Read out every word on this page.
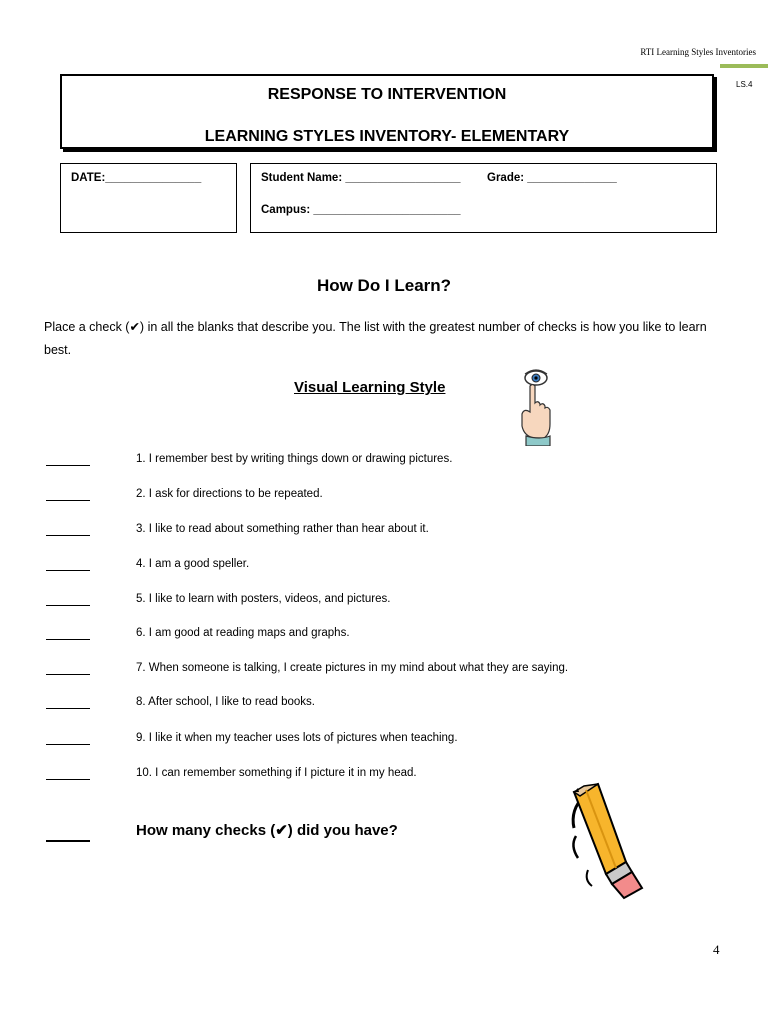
RTI Learning Styles Inventories
LS.4
RESPONSE TO INTERVENTION
LEARNING STYLES INVENTORY- ELEMENTARY
DATE:_______________	Student Name: __________________ Grade: ______________
Campus: _______________________
How Do I Learn?
Place a check (✔) in all the blanks that describe you. The list with the greatest number of checks is how you like to learn best.
Visual Learning Style
1. I remember best by writing things down or drawing pictures.
2. I ask for directions to be repeated.
3. I like to read about something rather than hear about it.
4. I am a good speller.
5. I like to learn with posters, videos, and pictures.
6. I am good at reading maps and graphs.
7. When someone is talking, I create pictures in my mind about what they are saying.
8. After school, I like to read books.
9. I like it when my teacher uses lots of pictures when teaching.
10. I can remember something if I picture it in my head.
How many checks (✔) did you have?
4
